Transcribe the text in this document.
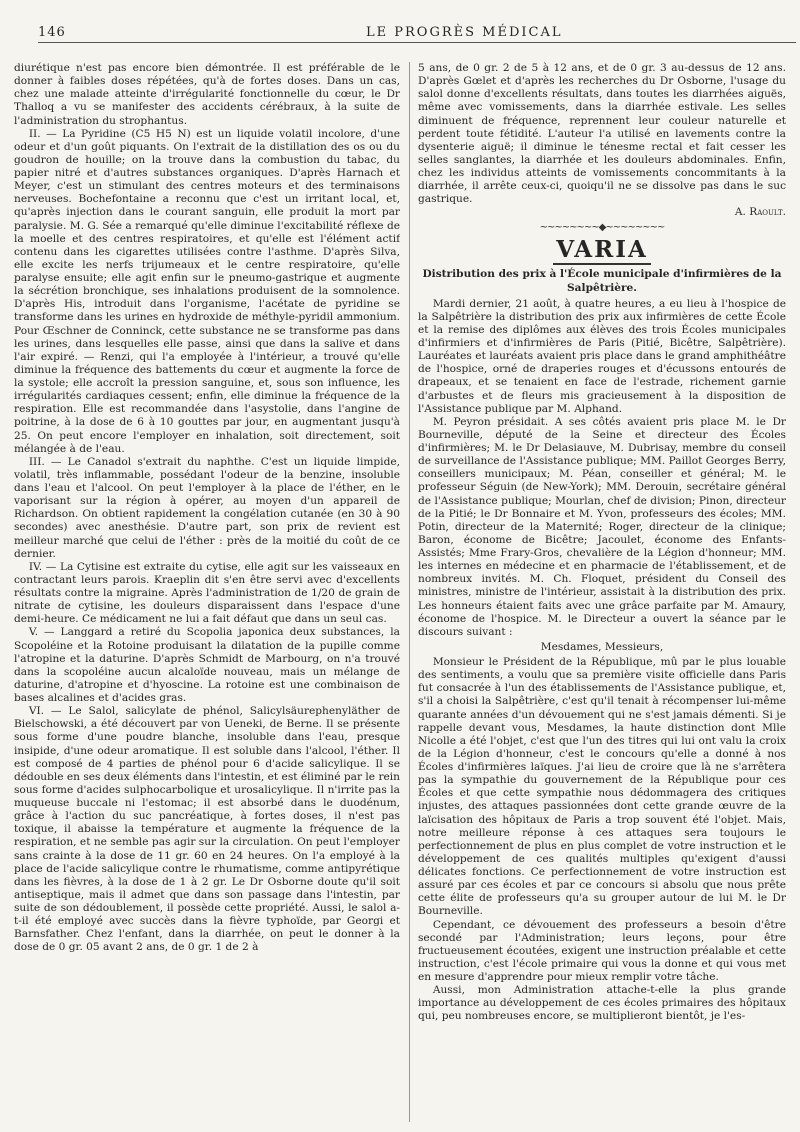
146	LE PROGRÈS MÉDICAL

diurétique n'est pas encore bien démontrée. Il est préférable de le donner à faibles doses répétées, qu'à de fortes doses. Dans un cas, chez une malade atteinte d'irrégularité fonctionnelle du cœur, le Dr Thalloq a vu se manifester des accidents cérébraux, à la suite de l'administration du strophantus.

II. — La Pyridine (C5 H5 N) est un liquide volatil incolore, d'une odeur et d'un goût piquants. On l'extrait de la distillation des os ou du goudron de houille; on la trouve dans la combustion du tabac, du papier nitré et d'autres substances organiques. D'après Harnach et Meyer, c'est un stimulant des centres moteurs et des terminaisons nerveuses. Bochefontaine a reconnu que c'est un irritant local, et, qu'après injection dans le courant sanguin, elle produit la mort par paralysie. M. G. Sée a remarqué qu'elle diminue l'excitabilité réflexe de la moelle et des centres respiratoires, et qu'elle est l'élément actif contenu dans les cigarettes utilisées contre l'asthme. D'après Silva, elle excite les nerfs trijumeaux et le centre respiratoire, qu'elle paralyse ensuite; elle agit enfin sur le pneumo-gastrique et augmente la sécrétion bronchique, ses inhalations produisent de la somnolence. D'après His, introduit dans l'organisme, l'acétate de pyridine se transforme dans les urines en hydroxide de méthyle-pyridil ammonium. Pour Œschner de Conninck, cette substance ne se transforme pas dans les urines, dans lesquelles elle passe, ainsi que dans la salive et dans l'air expiré. — Renzi, qui l'a employée à l'intérieur, a trouvé qu'elle diminue la fréquence des battements du cœur et augmente la force de la systole; elle accroît la pression sanguine, et, sous son influence, les irrégularités cardiaques cessent; enfin, elle diminue la fréquence de la respiration. Elle est recommandée dans l'asystolie, dans l'angine de poitrine, à la dose de 6 à 10 gouttes par jour, en augmentant jusqu'à 25. On peut encore l'employer en inhalation, soit directement, soit mélangée à de l'eau.

III. — Le Canadol s'extrait du naphthe. C'est un liquide limpide, volatil, très inflammable, possédant l'odeur de la benzine, insoluble dans l'eau et l'alcool. On peut l'employer à la place de l'éther, en le vaporisant sur la région à opérer, au moyen d'un appareil de Richardson. On obtient rapidement la congélation cutanée (en 30 à 90 secondes) avec anesthésie. D'autre part, son prix de revient est meilleur marché que celui de l'éther : près de la moitié du coût de ce dernier.

IV. — La Cytisine est extraite du cytise, elle agit sur les vaisseaux en contractant leurs parois. Kraeplin dit s'en être servi avec d'excellents résultats contre la migraine. Après l'administration de 1/20 de grain de nitrate de cytisine, les douleurs disparaissent dans l'espace d'une demi-heure. Ce médicament ne lui a fait défaut que dans un seul cas.

V. — Langgard a retiré du Scopolia japonica deux substances, la Scopoléine et la Rotoine produisant la dilatation de la pupille comme l'atropine et la daturine. D'après Schmidt de Marbourg, on n'a trouvé dans la scopoléine aucun alcaloïde nouveau, mais un mélange de daturine, d'atropine et d'hyoscine. La rotoine est une combinaison de bases alcalines et d'acides gras.

VI. — Le Salol, salicylate de phénol, Salicylsäurephenyläther de Bielschowski, a été découvert par von Ueneki, de Berne. Il se présente sous forme d'une poudre blanche, insoluble dans l'eau, presque insipide, d'une odeur aromatique. Il est soluble dans l'alcool, l'éther. Il est composé de 4 parties de phénol pour 6 d'acide salicylique. Il se dédouble en ses deux éléments dans l'intestin, et est éliminé par le rein sous forme d'acides sulphocarbolique et urosalicylique. Il n'irrite pas la muqueuse buccale ni l'estomac; il est absorbé dans le duodénum, grâce à l'action du suc pancréatique, à fortes doses, il n'est pas toxique, il abaisse la température et augmente la fréquence de la respiration, et ne semble pas agir sur la circulation. On peut l'employer sans crainte à la dose de 11 gr. 60 en 24 heures. On l'a employé à la place de l'acide salicylique contre le rhumatisme, comme antipyrétique dans les fièvres, à la dose de 1 à 2 gr. Le Dr Osborne doute qu'il soit antiseptique, mais il admet que dans son passage dans l'intestin, par suite de son dédoublement, il possède cette propriété. Aussi, le salol a-t-il été employé avec succès dans la fièvre typhoïde, par Georgi et Barnsfather. Chez l'enfant, dans la diarrhée, on peut le donner à la dose de 0 gr. 05 avant 2 ans, de 0 gr. 1 de 2 à

5 ans, de 0 gr. 2 de 5 à 12 ans, et de 0 gr. 3 au-dessus de 12 ans. D'après Gœlet et d'après les recherches du Dr Osborne, l'usage du salol donne d'excellents résultats, dans toutes les diarrhées aiguës, même avec vomissements, dans la diarrhée estivale. Les selles diminuent de fréquence, reprennent leur couleur naturelle et perdent toute fétidité. L'auteur l'a utilisé en lavements contre la dysenterie aiguë; il diminue le ténesme rectal et fait cesser les selles sanglantes, la diarrhée et les douleurs abdominales. Enfin, chez les individus atteints de vomissements concommitants à la diarrhée, il arrête ceux-ci, quoiqu'il ne se dissolve pas dans le suc gastrique.

A. Raoult.
~~~~~~~~◆~~~~~~~~
VARIA
Distribution des prix à l'École municipale d'infirmières de la Salpêtrière.

Mardi dernier, 21 août, à quatre heures, a eu lieu à l'hospice de la Salpêtrière la distribution des prix aux infirmières de cette École et la remise des diplômes aux élèves des trois Écoles municipales d'infirmiers et d'infirmières de Paris (Pitié, Bicêtre, Salpêtrière). Lauréates et lauréats avaient pris place dans le grand amphithéâtre de l'hospice, orné de draperies rouges et d'écussons entourés de drapeaux, et se tenaient en face de l'estrade, richement garnie d'arbustes et de fleurs mis gracieusement à la disposition de l'Assistance publique par M. Alphand.

M. Peyron présidait. A ses côtés avaient pris place M. le Dr Bourneville, député de la Seine et directeur des Écoles d'infirmières; M. le Dr Delasiauve, M. Dubrisay, membre du conseil de surveillance de l'Assistance publique; MM. Paillot Georges Berry, conseillers municipaux; M. Péan, conseiller et général; M. le professeur Séguin (de New-York); MM. Derouin, secrétaire général de l'Assistance publique; Mourlan, chef de division; Pinon, directeur de la Pitié; le Dr Bonnaire et M. Yvon, professeurs des écoles; MM. Potin, directeur de la Maternité; Roger, directeur de la clinique; Baron, économe de Bicêtre; Jacoulet, économe des Enfants-Assistés; Mme Frary-Gros, chevalière de la Légion d'honneur; MM. les internes en médecine et en pharmacie de l'établissement, et de nombreux invités. M. Ch. Floquet, président du Conseil des ministres, ministre de l'intérieur, assistait à la distribution des prix. Les honneurs étaient faits avec une grâce parfaite par M. Amaury, économe de l'hospice. M. le Directeur a ouvert la séance par le discours suivant :

Mesdames, Messieurs,

Monsieur le Président de la République, mû par le plus louable des sentiments, a voulu que sa première visite officielle dans Paris fut consacrée à l'un des établissements de l'Assistance publique, et, s'il a choisi la Salpêtrière, c'est qu'il tenait à récompenser lui-même quarante années d'un dévouement qui ne s'est jamais démenti. Si je rappelle devant vous, Mesdames, la haute distinction dont Mlle Nicolle a été l'objet, c'est que l'un des titres qui lui ont valu la croix de la Légion d'honneur, c'est le concours qu'elle a donné à nos Écoles d'infirmières laïques. J'ai lieu de croire que là ne s'arrêtera pas la sympathie du gouvernement de la République pour ces Écoles et que cette sympathie nous dédommagera des critiques injustes, des attaques passionnées dont cette grande œuvre de la laïcisation des hôpitaux de Paris a trop souvent été l'objet. Mais, notre meilleure réponse à ces attaques sera toujours le perfectionnement de plus en plus complet de votre instruction et le développement de ces qualités multiples qu'exigent d'aussi délicates fonctions. Ce perfectionnement de votre instruction est assuré par ces écoles et par ce concours si absolu que nous prête cette élite de professeurs qu'a su grouper autour de lui M. le Dr Bourneville.

Cependant, ce dévouement des professeurs a besoin d'être secondé par l'Administration; leurs leçons, pour être fructueusement écoutées, exigent une instruction préalable et cette instruction, c'est l'école primaire qui vous la donne et qui vous met en mesure d'apprendre pour mieux remplir votre tâche.

Aussi, mon Administration attache-t-elle la plus grande importance au développement de ces écoles primaires des hôpitaux qui, peu nombreuses encore, se multiplieront bientôt, je l'es-
